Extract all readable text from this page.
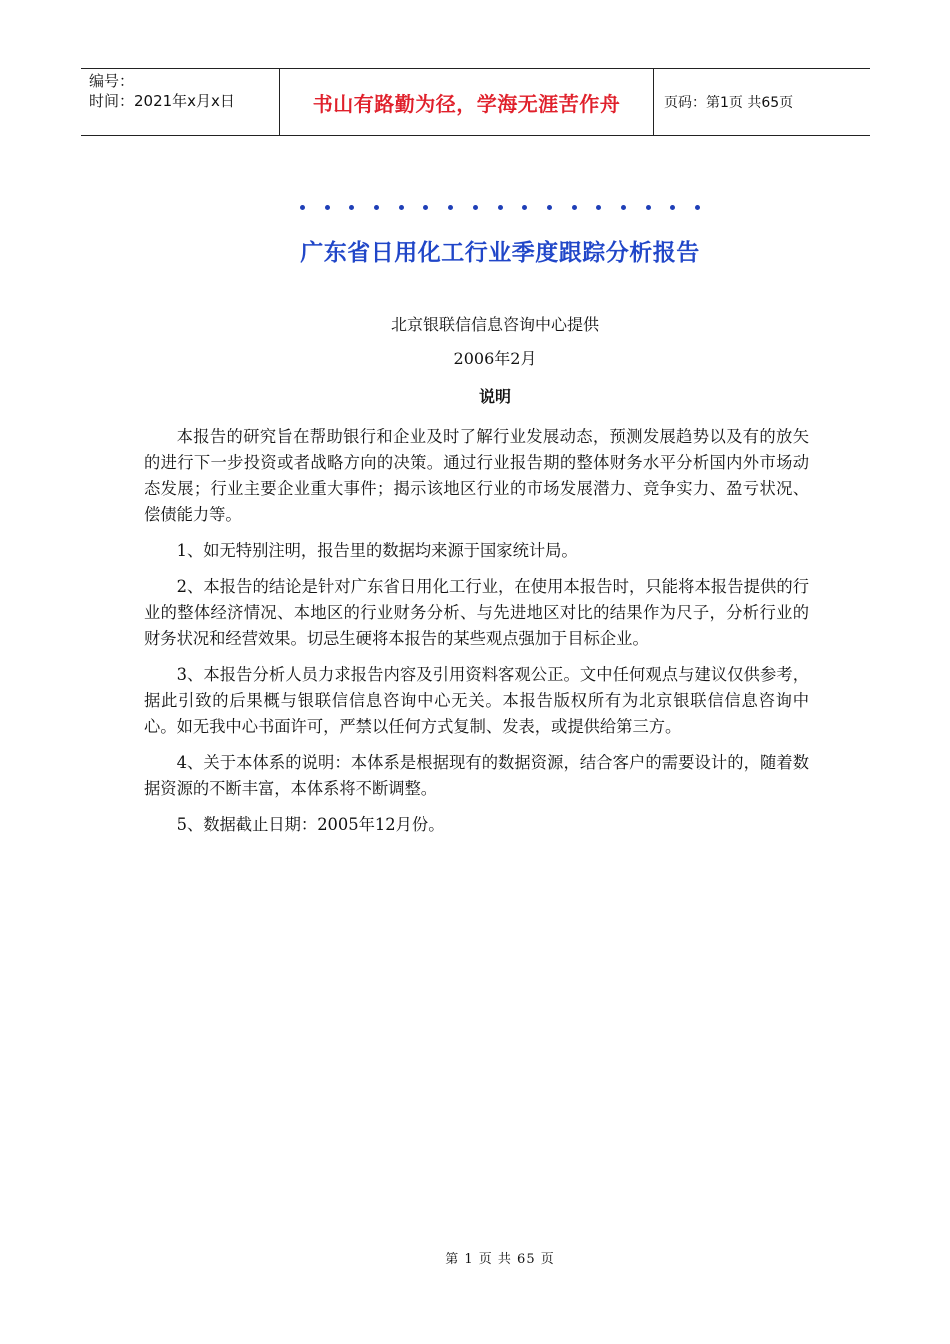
编号：
时间：2021年x月x日	书山有路勤为径，学海无涯苦作舟	页码：第1页 共65页
广东省日用化工行业季度跟踪分析报告
北京银联信信息咨询中心提供
2006年2月
说明

本报告的研究旨在帮助银行和企业及时了解行业发展动态，预测发展趋势以及有的放矢的进行下一步投资或者战略方向的决策。通过行业报告期的整体财务水平分析国内外市场动态发展；行业主要企业重大事件；揭示该地区行业的市场发展潜力、竞争实力、盈亏状况、偿债能力等。

1、如无特别注明，报告里的数据均来源于国家统计局。

2、本报告的结论是针对广东省日用化工行业，在使用本报告时，只能将本报告提供的行业的整体经济情况、本地区的行业财务分析、与先进地区对比的结果作为尺子，分析行业的财务状况和经营效果。切忌生硬将本报告的某些观点强加于目标企业。

3、本报告分析人员力求报告内容及引用资料客观公正。文中任何观点与建议仅供参考，据此引致的后果概与银联信信息咨询中心无关。本报告版权所有为北京银联信信息咨询中心。如无我中心书面许可，严禁以任何方式复制、发表，或提供给第三方。

4、关于本体系的说明：本体系是根据现有的数据资源，结合客户的需要设计的，随着数据资源的不断丰富，本体系将不断调整。

5、数据截止日期：2005年12月份。

第 1 页 共 65 页
